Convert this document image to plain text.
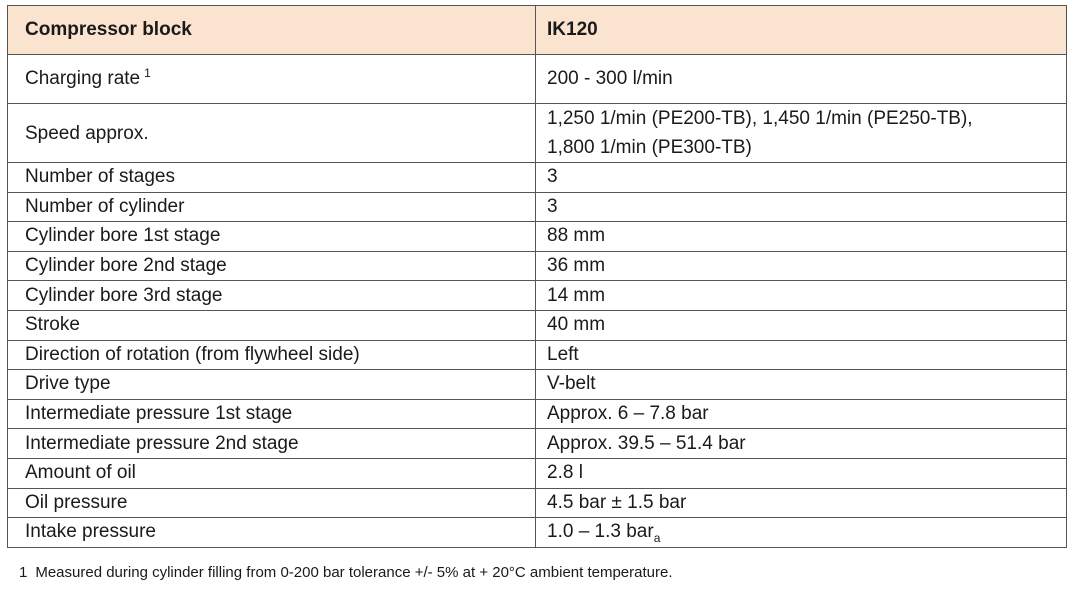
Compressor block	IK120
Charging rate $^1$	200 - 300 l/min
Speed approx.	1,250 1/min (PE200-TB), 1,450 1/min (PE250-TB),
1,800 1/min (PE300-TB)

Number of stages	3
Number of cylinder	3
Cylinder bore 1st stage	88 mm
Cylinder bore 2nd stage	36 mm
Cylinder bore 3rd stage	14 mm
Stroke	40 mm
Direction of rotation (from flywheel side)	Left
Drive type	V-belt
Intermediate pressure 1st stage	Approx. 6 – 7.8 bar
Intermediate pressure 2nd stage	Approx. 39.5 – 51.4 bar
Amount of oil	2.8 l
Oil pressure	4.5 bar ± 1.5 bar
Intake pressure	1.0 – 1.3 bar$_a$
1 Measured during cylinder filling from 0-200 bar tolerance +/- 5% at + 20°C ambient temperature.
